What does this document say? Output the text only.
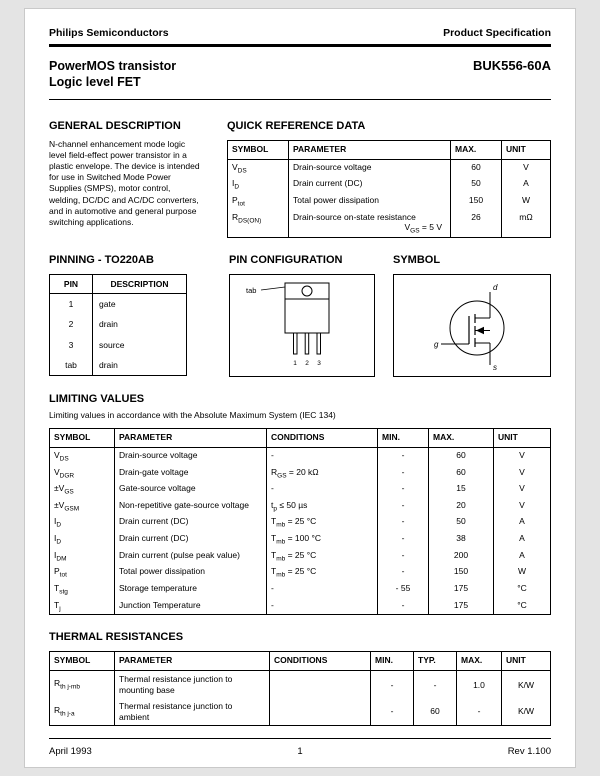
Philips Semiconductors	Product Specification
PowerMOS transistor
Logic level FET
BUK556-60A
GENERAL DESCRIPTION

N-channel enhancement mode logic level field-effect power transistor in a plastic envelope. The device is intended for use in Switched Mode Power Supplies (SMPS), motor control, welding, DC/DC and AC/DC converters, and in automotive and general purpose switching applications.

QUICK REFERENCE DATA
SYMBOL	PARAMETER	MAX.	UNIT

$V_{DS}$	Drain-source voltage	60	V

$I_D$	Drain current (DC)	50	A

$P_{tot}$	Total power dissipation	150	W

$R_{DS(ON)}$	Drain-source on-state resistance
$V_{GS} = 5$ V	26	mΩ
PINNING - TO220AB
PIN	DESCRIPTION

1	gate

2	drain

3	source

tab	drain
PIN CONFIGURATION
tab
1 2 3
SYMBOL
d
g
s
LIMITING VALUES
Limiting values in accordance with the Absolute Maximum System (IEC 134)
SYMBOL	PARAMETER	CONDITIONS	MIN.	MAX.	UNIT

$V_{DS}$	Drain-source voltage	-	-	60	V

$V_{DGR}$	Drain-gate voltage	$R_{GS} = 20$ kΩ	-	60	V

$\pm V_{GS}$	Gate-source voltage	-	-	15	V

$\pm V_{GSM}$	Non-repetitive gate-source voltage	$t_p \le 50$ µs	-	20	V

$I_D$	Drain current (DC)	$T_{mb} = 25$ °C	-	50	A

$I_D$	Drain current (DC)	$T_{mb} = 100$ °C	-	38	A

$I_{DM}$	Drain current (pulse peak value)	$T_{mb} = 25$ °C	-	200	A

$P_{tot}$	Total power dissipation	$T_{mb} = 25$ °C	-	150	W

$T_{stg}$	Storage temperature	-	- 55	175	°C

$T_j$	Junction Temperature	-	-	175	°C
THERMAL RESISTANCES
SYMBOL	PARAMETER	CONDITIONS	MIN.	TYP.	MAX.	UNIT

$R_{th j-mb}$	Thermal resistance junction to
mounting base		-	-	1.0	K/W

$R_{th j-a}$	Thermal resistance junction to
ambient		-	60	-	K/W
April 1993	1	Rev 1.100
